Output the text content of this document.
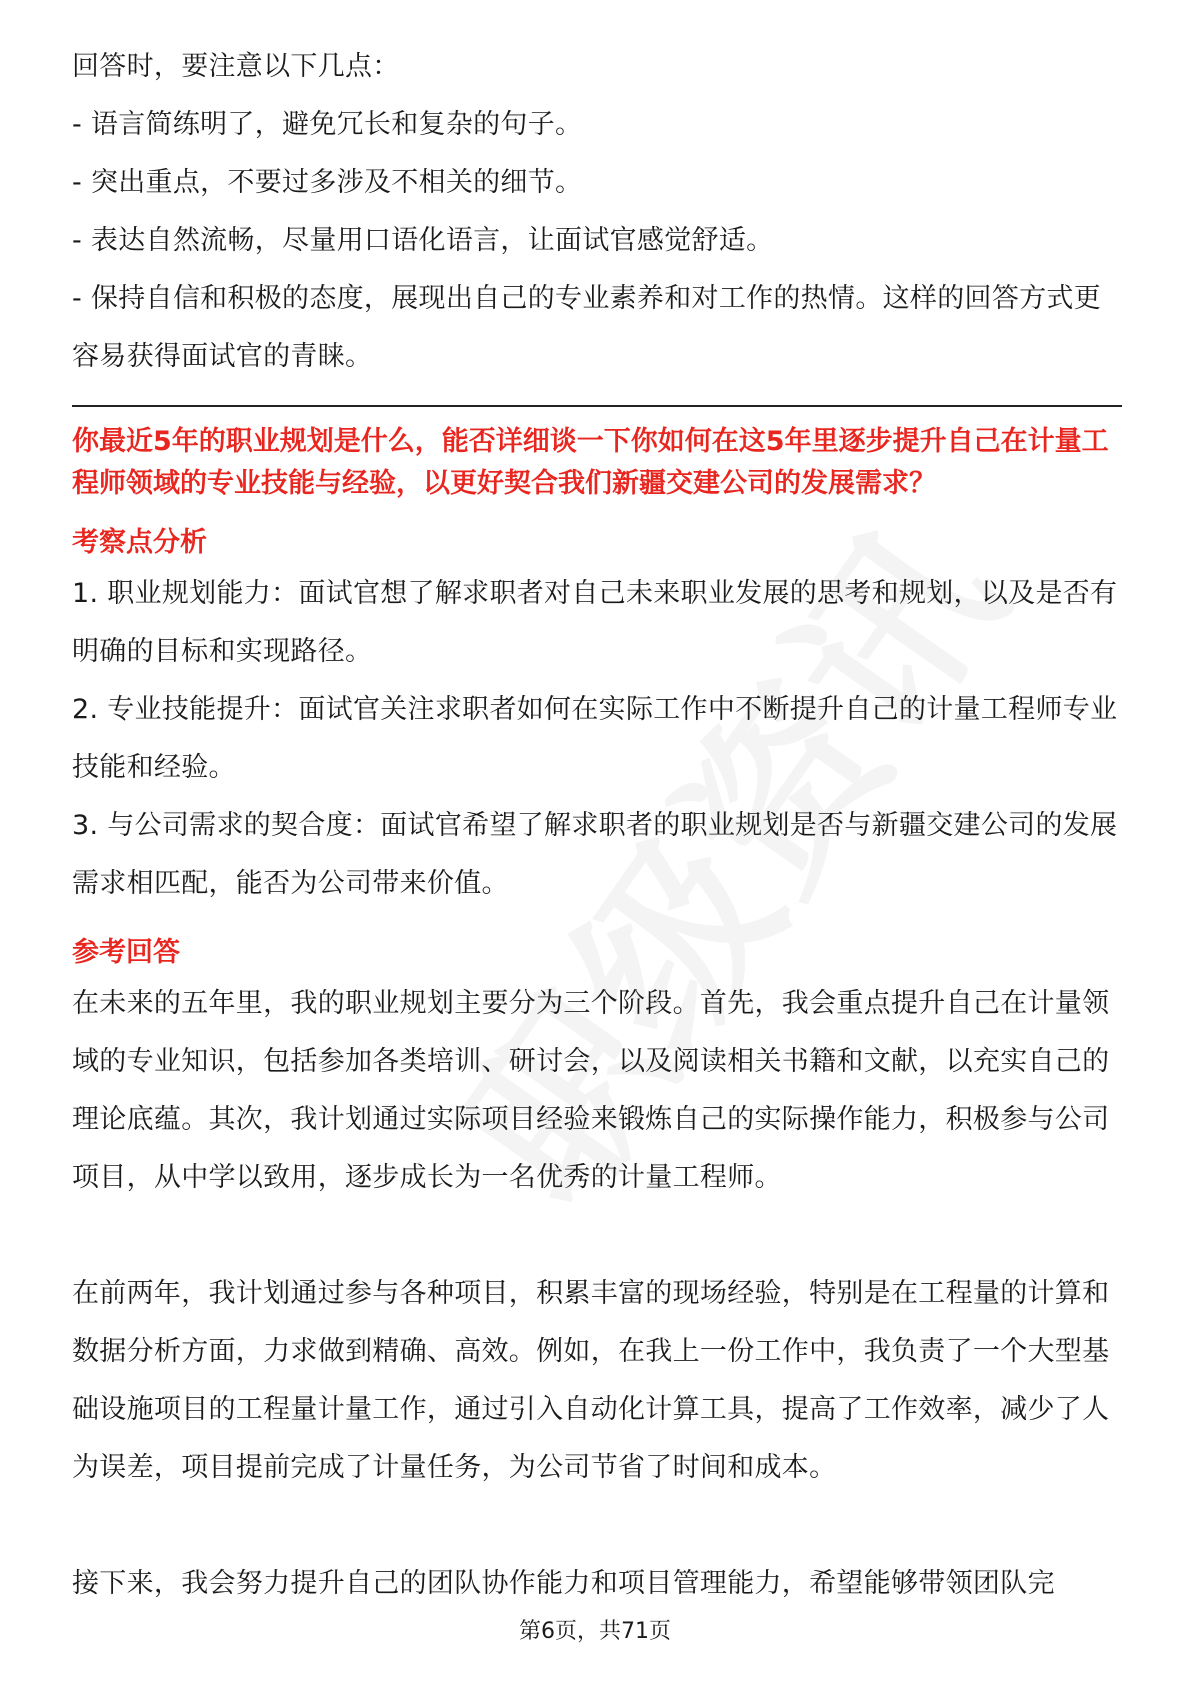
回答时，要注意以下几点：

- 语言简练明了，避免冗长和复杂的句子。

- 突出重点，不要过多涉及不相关的细节。

- 表达自然流畅，尽量用口语化语言，让面试官感觉舒适。

- 保持自信和积极的态度，展现出自己的专业素养和对工作的热情。这样的回答方式更容易获得面试官的青睐。

你最近5年的职业规划是什么，能否详细谈一下你如何在这5年里逐步提升自己在计量工程师领域的专业技能与经验，以更好契合我们新疆交建公司的发展需求？

考察点分析

1. 职业规划能力：面试官想了解求职者对自己未来职业发展的思考和规划，以及是否有明确的目标和实现路径。

2. 专业技能提升：面试官关注求职者如何在实际工作中不断提升自己的计量工程师专业技能和经验。

3. 与公司需求的契合度：面试官希望了解求职者的职业规划是否与新疆交建公司的发展需求相匹配，能否为公司带来价值。

参考回答

在未来的五年里，我的职业规划主要分为三个阶段。首先，我会重点提升自己在计量领域的专业知识，包括参加各类培训、研讨会，以及阅读相关书籍和文献，以充实自己的理论底蕴。其次，我计划通过实际项目经验来锻炼自己的实际操作能力，积极参与公司项目，从中学以致用，逐步成长为一名优秀的计量工程师。

在前两年，我计划通过参与各种项目，积累丰富的现场经验，特别是在工程量的计算和数据分析方面，力求做到精确、高效。例如，在我上一份工作中，我负责了一个大型基础设施项目的工程量计量工作，通过引入自动化计算工具，提高了工作效率，减少了人为误差，项目提前完成了计量任务，为公司节省了时间和成本。

接下来，我会努力提升自己的团队协作能力和项目管理能力，希望能够带领团队完

第6页，共71页
